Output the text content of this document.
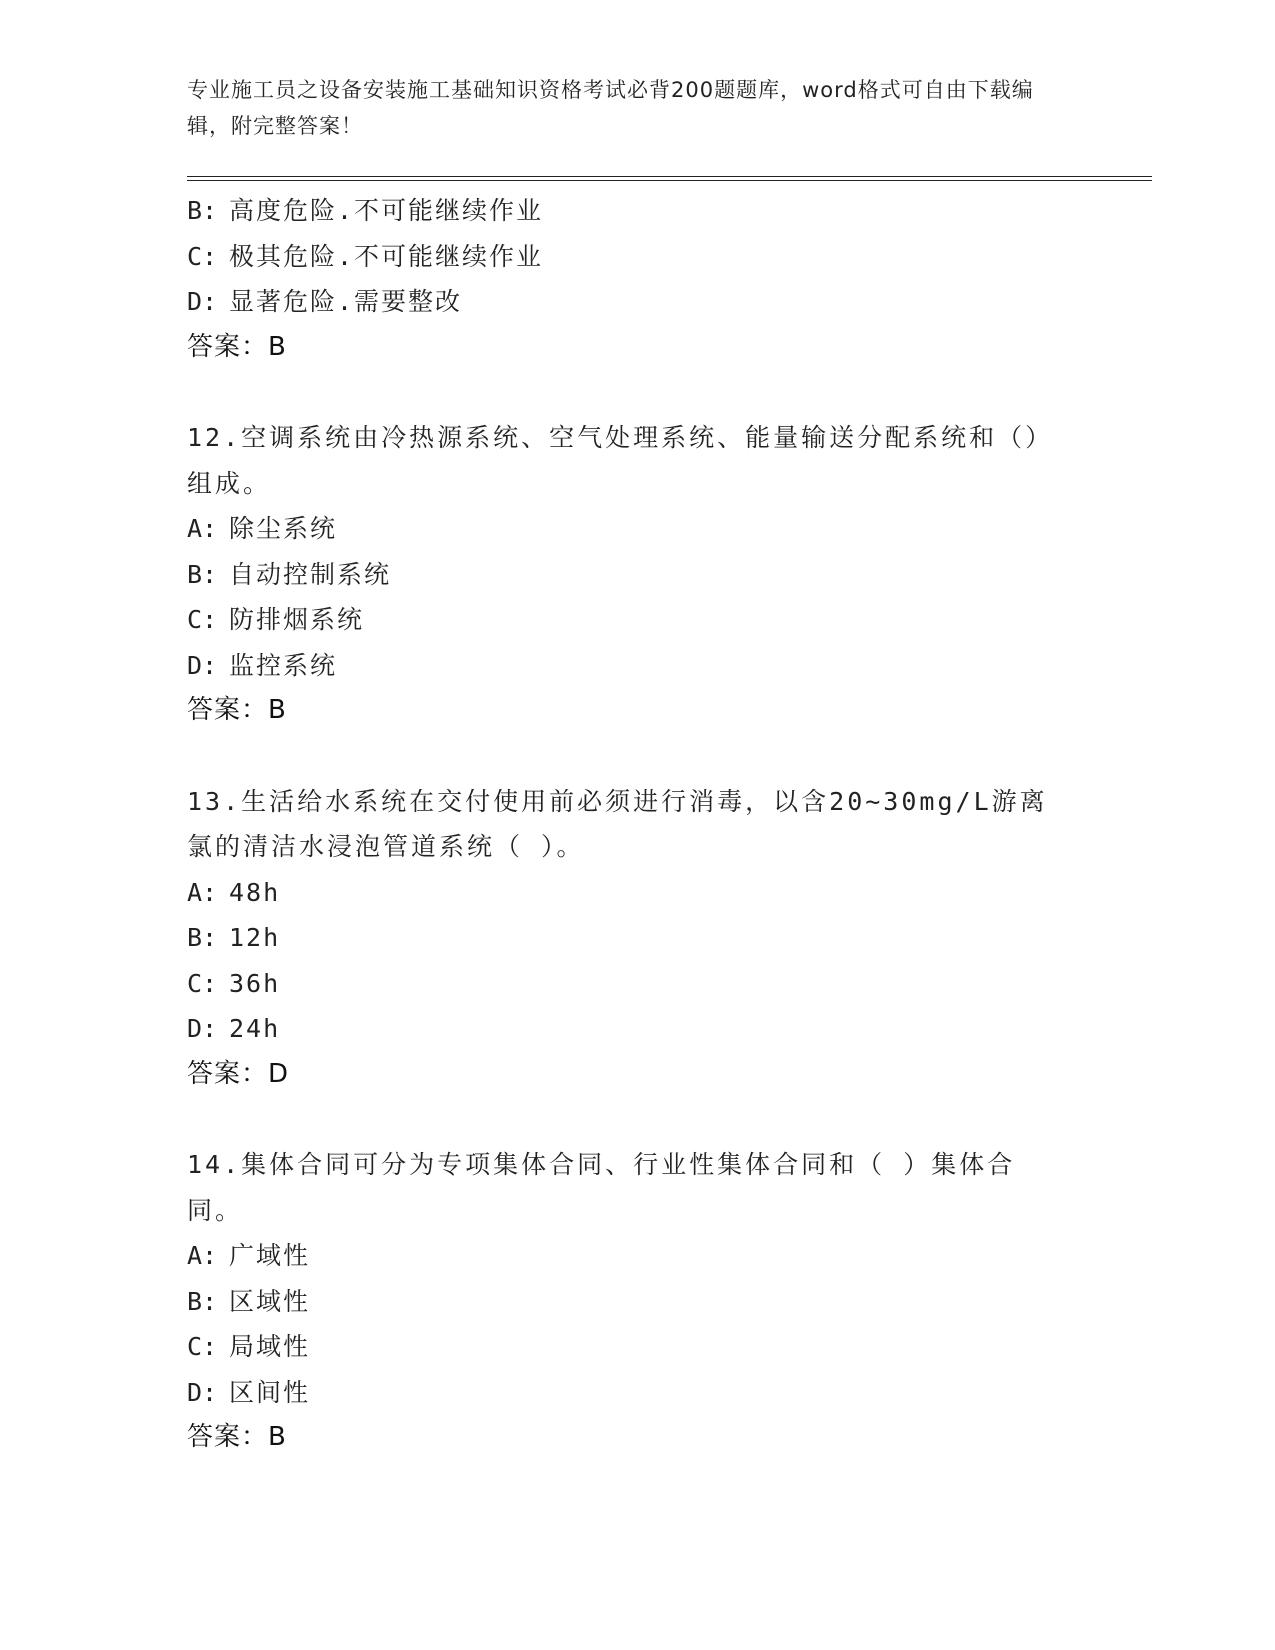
专业施工员之设备安装施工基础知识资格考试必背200题题库，word格式可自由下载编辑，附完整答案！
B: 高度危险.不可能继续作业
C: 极其危险.不可能继续作业
D: 显著危险.需要整改
答案：B
12.空调系统由冷热源系统、空气处理系统、能量输送分配系统和（）组成。
A: 除尘系统
B: 自动控制系统
C: 防排烟系统
D: 监控系统
答案：B
13.生活给水系统在交付使用前必须进行消毒，以含20~30mg/L游离氯的清洁水浸泡管道系统（ ）。
A: 48h
B: 12h
C: 36h
D: 24h
答案：D
14.集体合同可分为专项集体合同、行业性集体合同和（ ）集体合同。
A: 广域性
B: 区域性
C: 局域性
D: 区间性
答案：B
